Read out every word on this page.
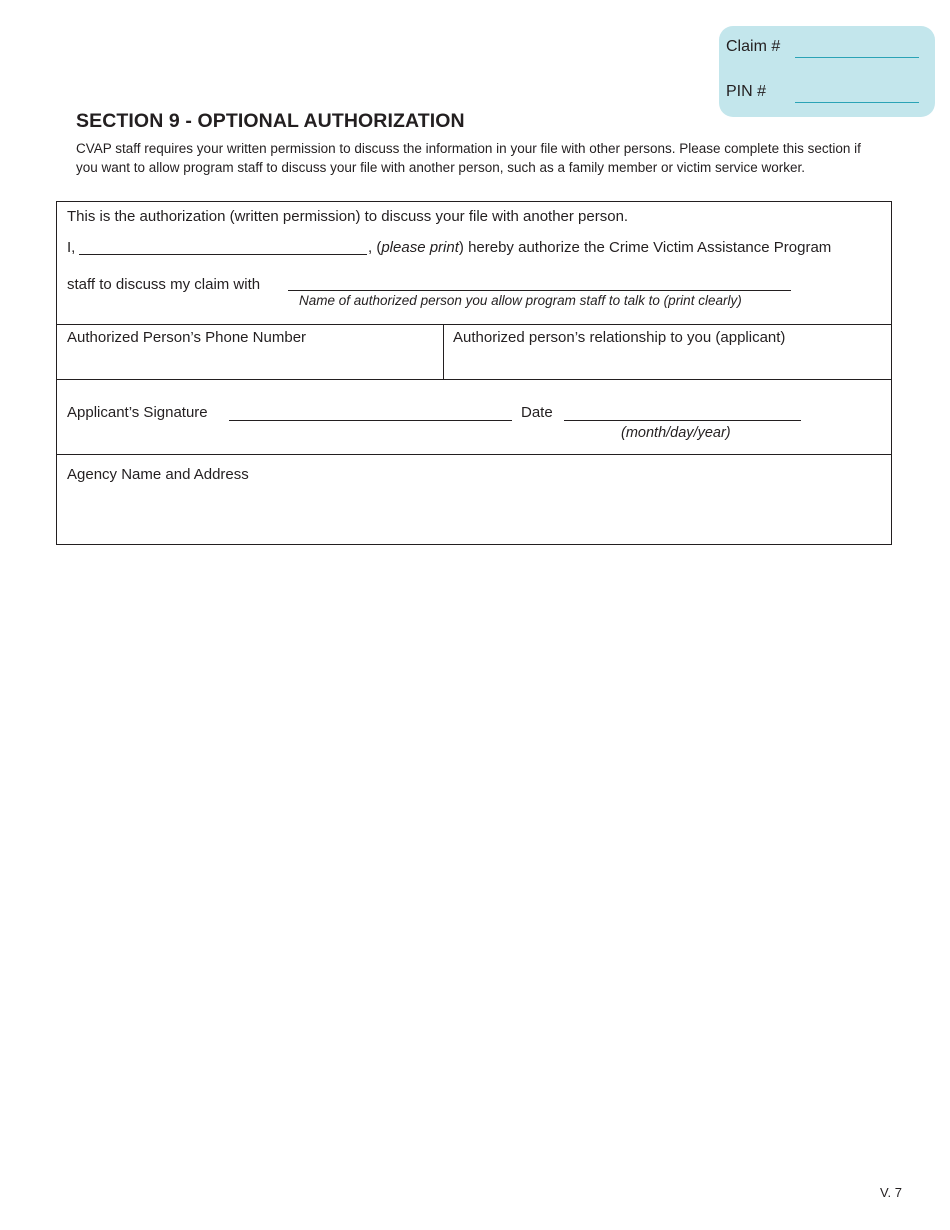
Claim #
PIN #
SECTION 9 - OPTIONAL AUTHORIZATION

CVAP staff requires your written permission to discuss the information in your file with other persons. Please complete this section if you want to allow program staff to discuss your file with another person, such as a family member or victim service worker.

This is the authorization (written permission) to discuss your file with another person.
I,	, (please print) hereby authorize the Crime Victim Assistance Program
staff to discuss my claim with
Name of authorized person you allow program staff to talk to (print clearly)
Authorized Person’s Phone Number	Authorized person’s relationship to you (applicant)
Applicant’s Signature	Date
(month/day/year)
Agency Name and Address
V. 7
